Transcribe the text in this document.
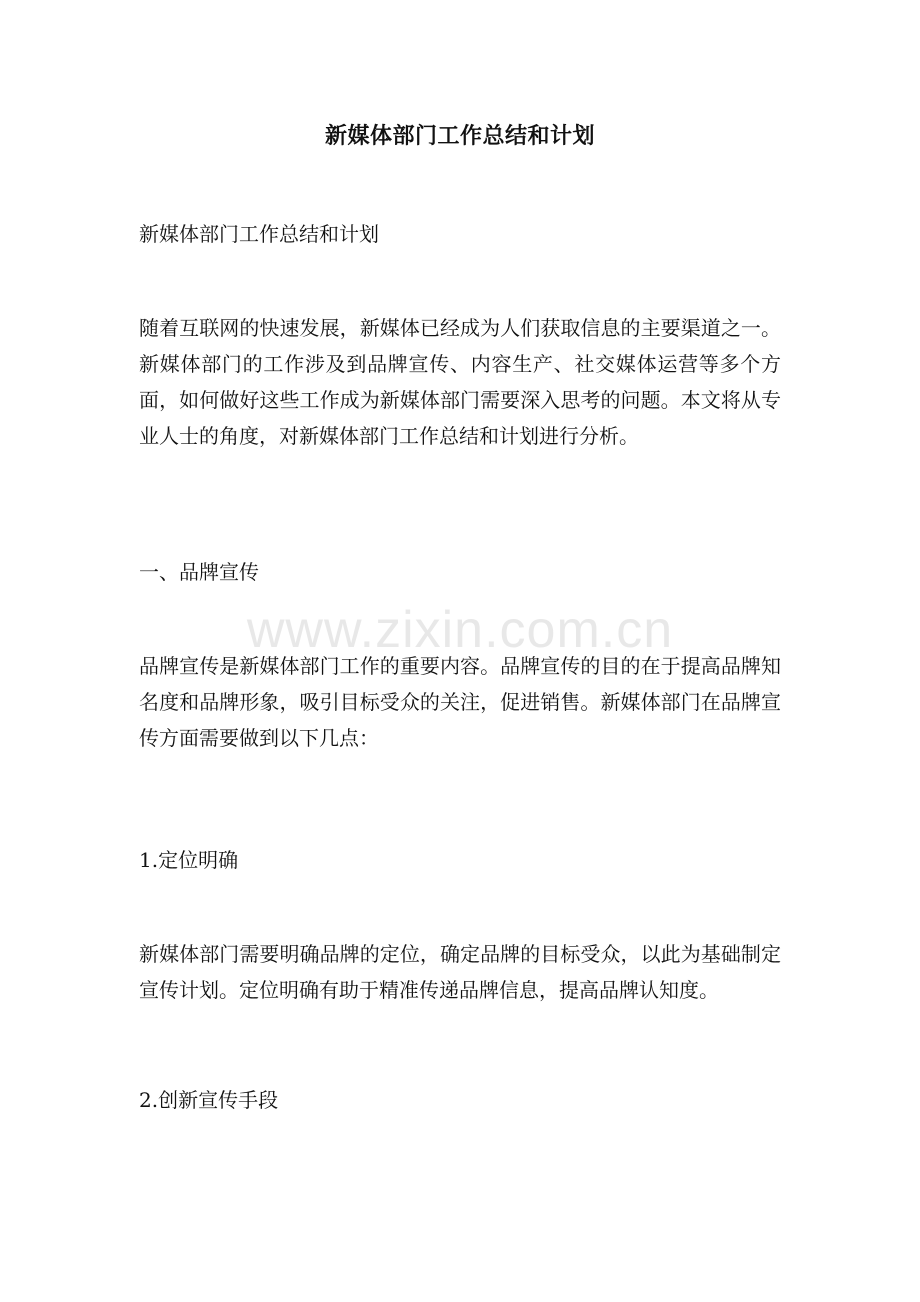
新媒体部门工作总结和计划

新媒体部门工作总结和计划

随着互联网的快速发展，新媒体已经成为人们获取信息的主要渠道之一。新媒体部门的工作涉及到品牌宣传、内容生产、社交媒体运营等多个方面，如何做好这些工作成为新媒体部门需要深入思考的问题。本文将从专业人士的角度，对新媒体部门工作总结和计划进行分析。

一、品牌宣传

品牌宣传是新媒体部门工作的重要内容。品牌宣传的目的在于提高品牌知名度和品牌形象，吸引目标受众的关注，促进销售。新媒体部门在品牌宣传方面需要做到以下几点：

1.定位明确

新媒体部门需要明确品牌的定位，确定品牌的目标受众，以此为基础制定宣传计划。定位明确有助于精准传递品牌信息，提高品牌认知度。

2.创新宣传手段

www.zixin.com.cn
